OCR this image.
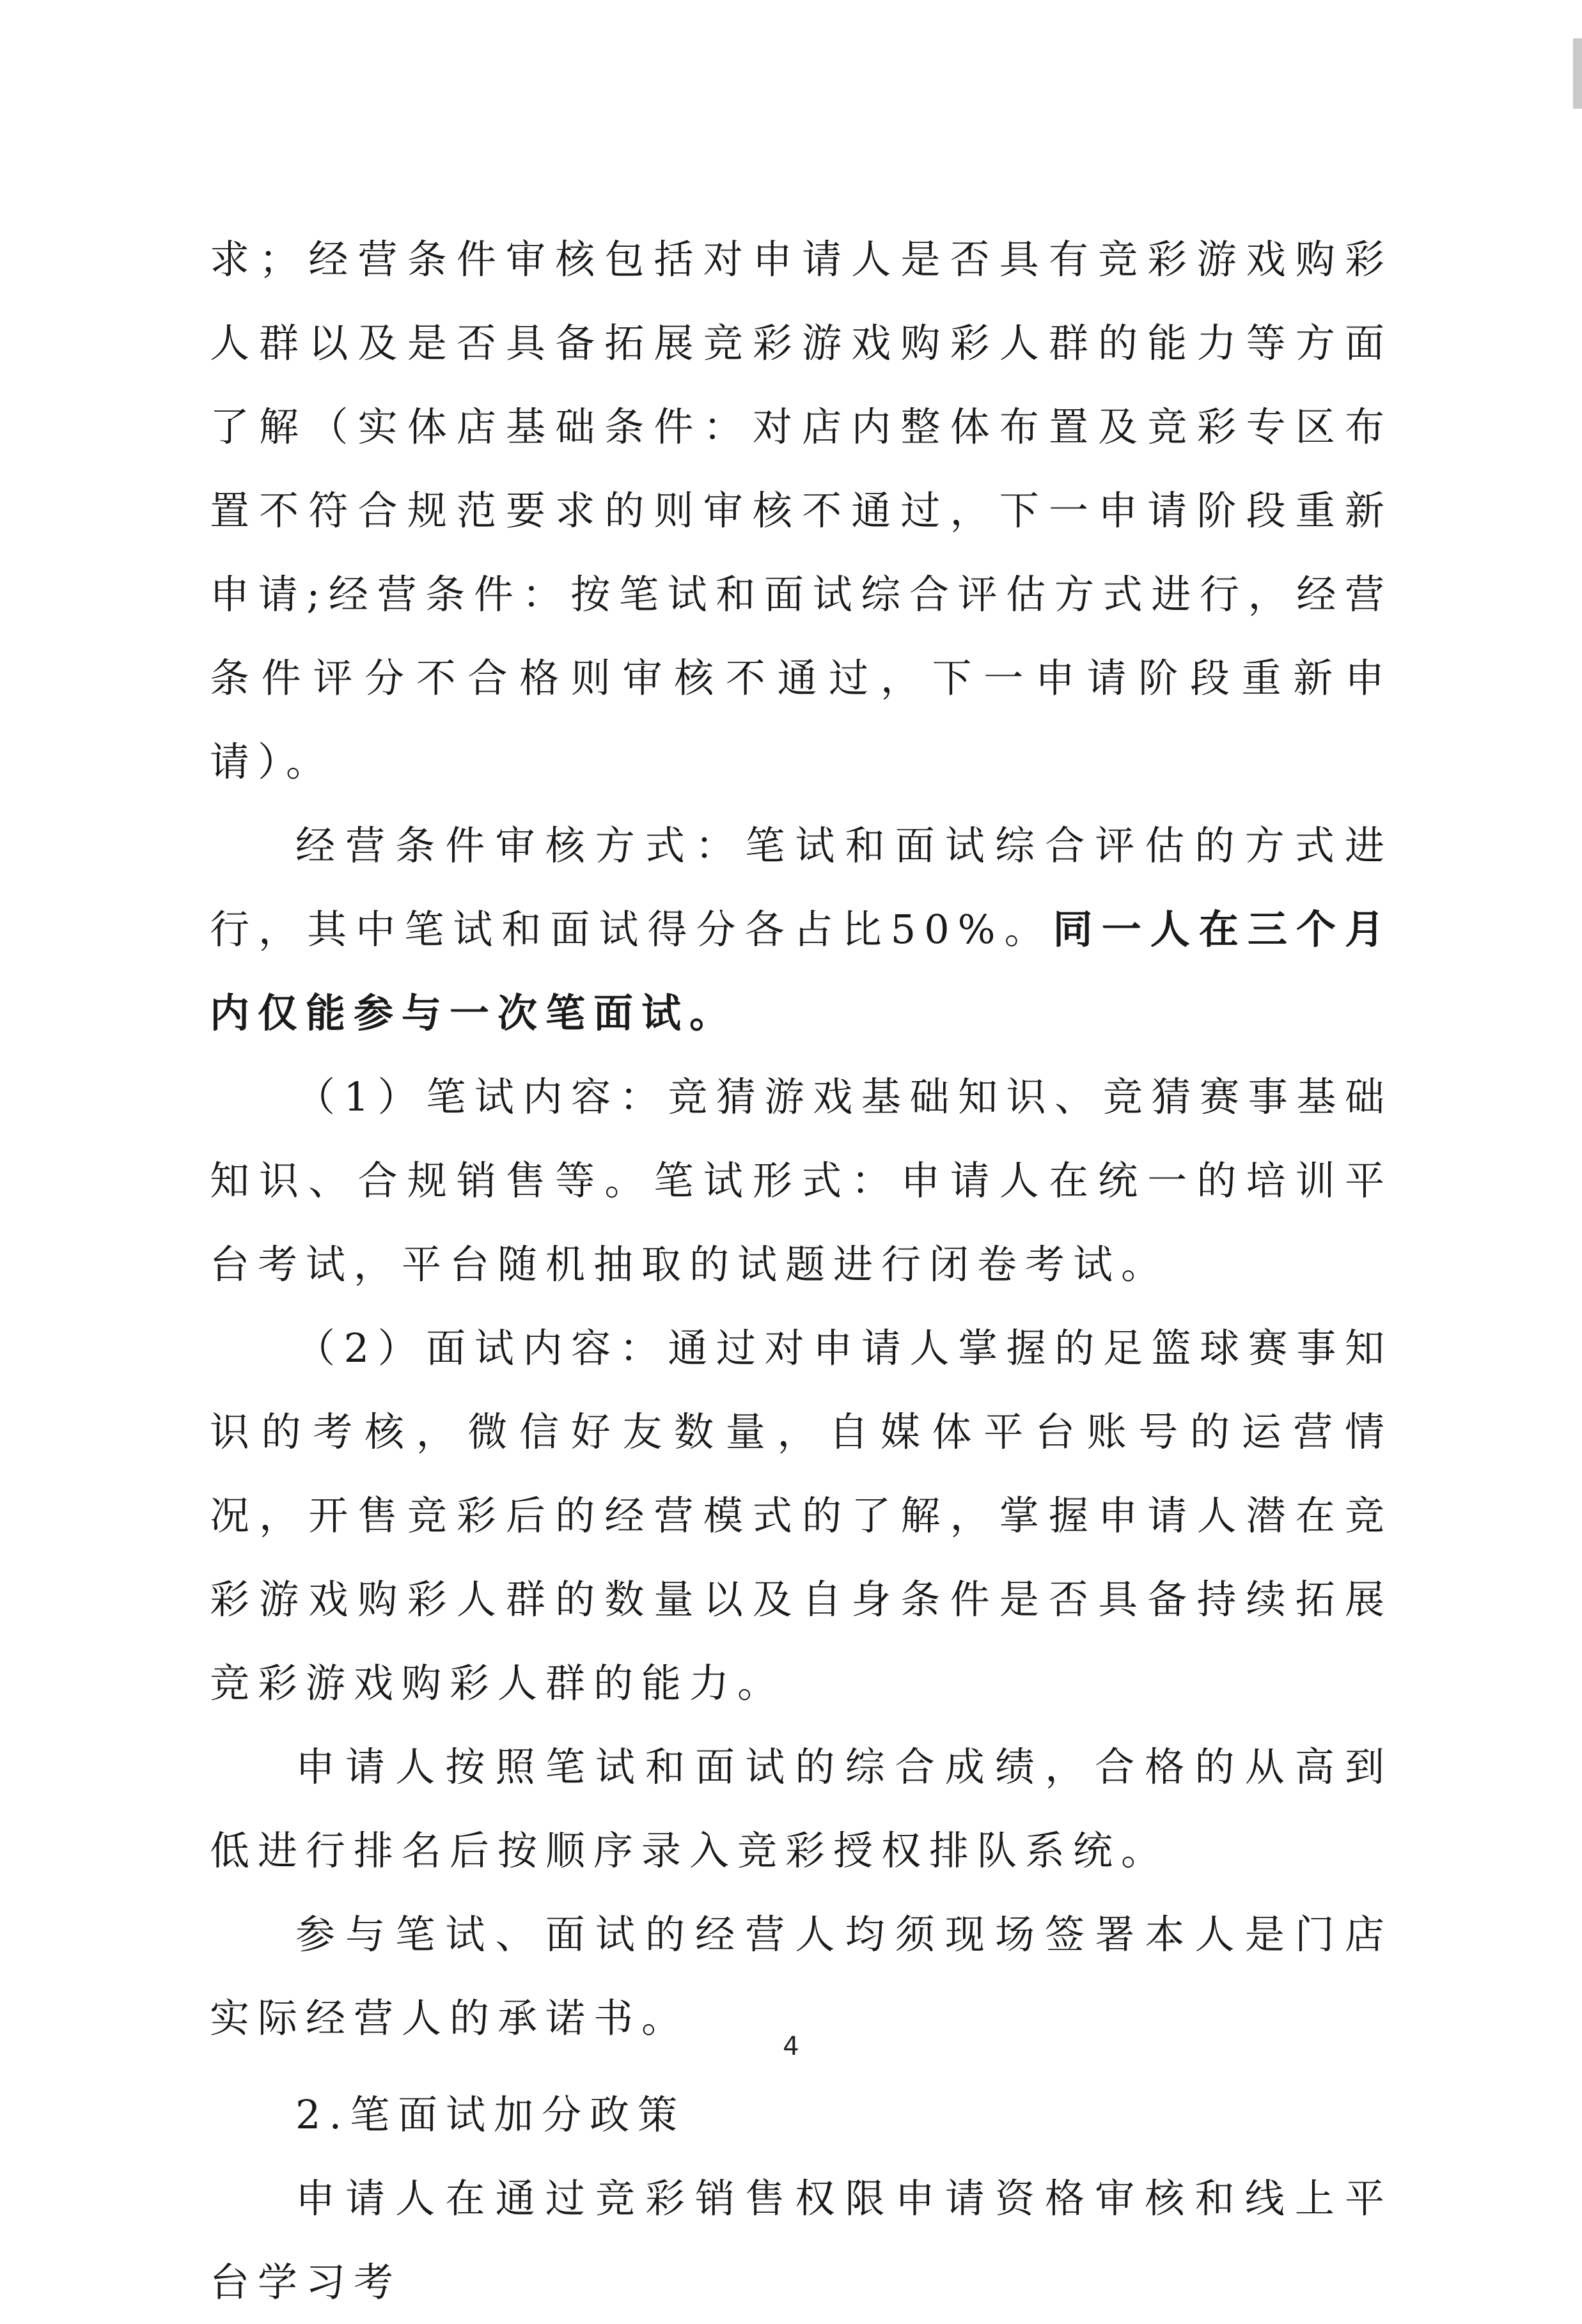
求；经营条件审核包括对申请人是否具有竞彩游戏购彩人群以及是否具备拓展竞彩游戏购彩人群的能力等方面了解（实体店基础条件：对店内整体布置及竞彩专区布置不符合规范要求的则审核不通过，下一申请阶段重新申请;经营条件：按笔试和面试综合评估方式进行，经营条件评分不合格则审核不通过，下一申请阶段重新申请）。

经营条件审核方式：笔试和面试综合评估的方式进行，其中笔试和面试得分各占比50%。同一人在三个月内仅能参与一次笔面试。

（1）笔试内容：竞猜游戏基础知识、竞猜赛事基础知识、合规销售等。笔试形式：申请人在统一的培训平台考试，平台随机抽取的试题进行闭卷考试。

（2）面试内容：通过对申请人掌握的足篮球赛事知识的考核，微信好友数量，自媒体平台账号的运营情况，开售竞彩后的经营模式的了解，掌握申请人潜在竞彩游戏购彩人群的数量以及自身条件是否具备持续拓展竞彩游戏购彩人群的能力。

申请人按照笔试和面试的综合成绩，合格的从高到低进行排名后按顺序录入竞彩授权排队系统。

参与笔试、面试的经营人均须现场签署本人是门店实际经营人的承诺书。

2.笔面试加分政策

申请人在通过竞彩销售权限申请资格审核和线上平台学习考

4
